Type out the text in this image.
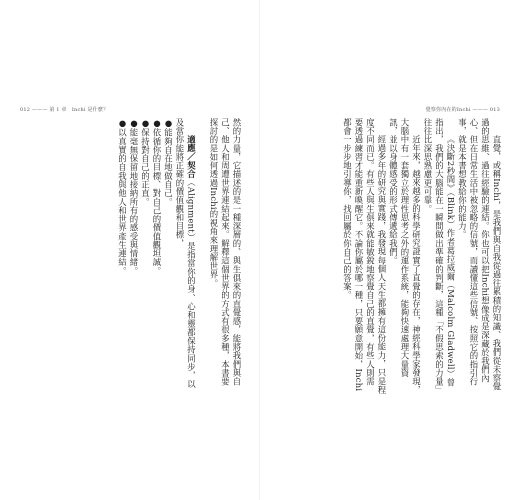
012 ——— 第 1 章　Inchi 是什麼？

然的力量，它描述的是一種深層的、與生俱來的直覺感，能將我們與自己、他人和周遭世界連結起來。解釋這個世界的方式有很多種，本書要探討的是如何透過Inchi的視角來理解世界。

適應／契合（Alignment）是指當你的身、心和靈都保持同步，以及當你能將正確的價值觀和目標，

●能夠自在地做自己。
●依循你的目標、對自己的價值觀坦誠。
●保持對自己的正直。
●能毫無保留地接納所有的感受與情緒。
●以真實的自我與他人和世界產生連結。
覺察你內在的Inchi ——— 013

直覺，或稱Inchi，是我們與自我從過往累積的知識、我們從未察覺過的思維、過往經驗的連結。你也可以把Inchi想像成是深藏於我們內心、但在日常生活中被忽略的信號，而讀懂這些信號、按照它的指引行事，就是本書想教給你的能力。

《決斷2秒間》（Blink）作者葛拉威爾（Malcolm Gladwell）曾指出，我們的大腦能在一瞬間做出準確的判斷，這種「不假思索的力量」往往比深思熟慮更可靠。

近年來，越來越多的科學研究證實了直覺的存在，神經科學家發現，大腦中有一套獨立於理性思考之外的運作系統，能夠快速處理大量資訊，並以身體感受的形式傳遞給我們。

經過多年的研究與實踐，我發現每個人天生都擁有這份能力，只是程度不同而已。有些人與生俱來就能敏銳地察覺自己的直覺，有些人則需要透過練習才能重新喚醒它。不論你屬於哪一種，只要願意開始，Inchi都會一步步地引導你，找回屬於你自己的答案。
